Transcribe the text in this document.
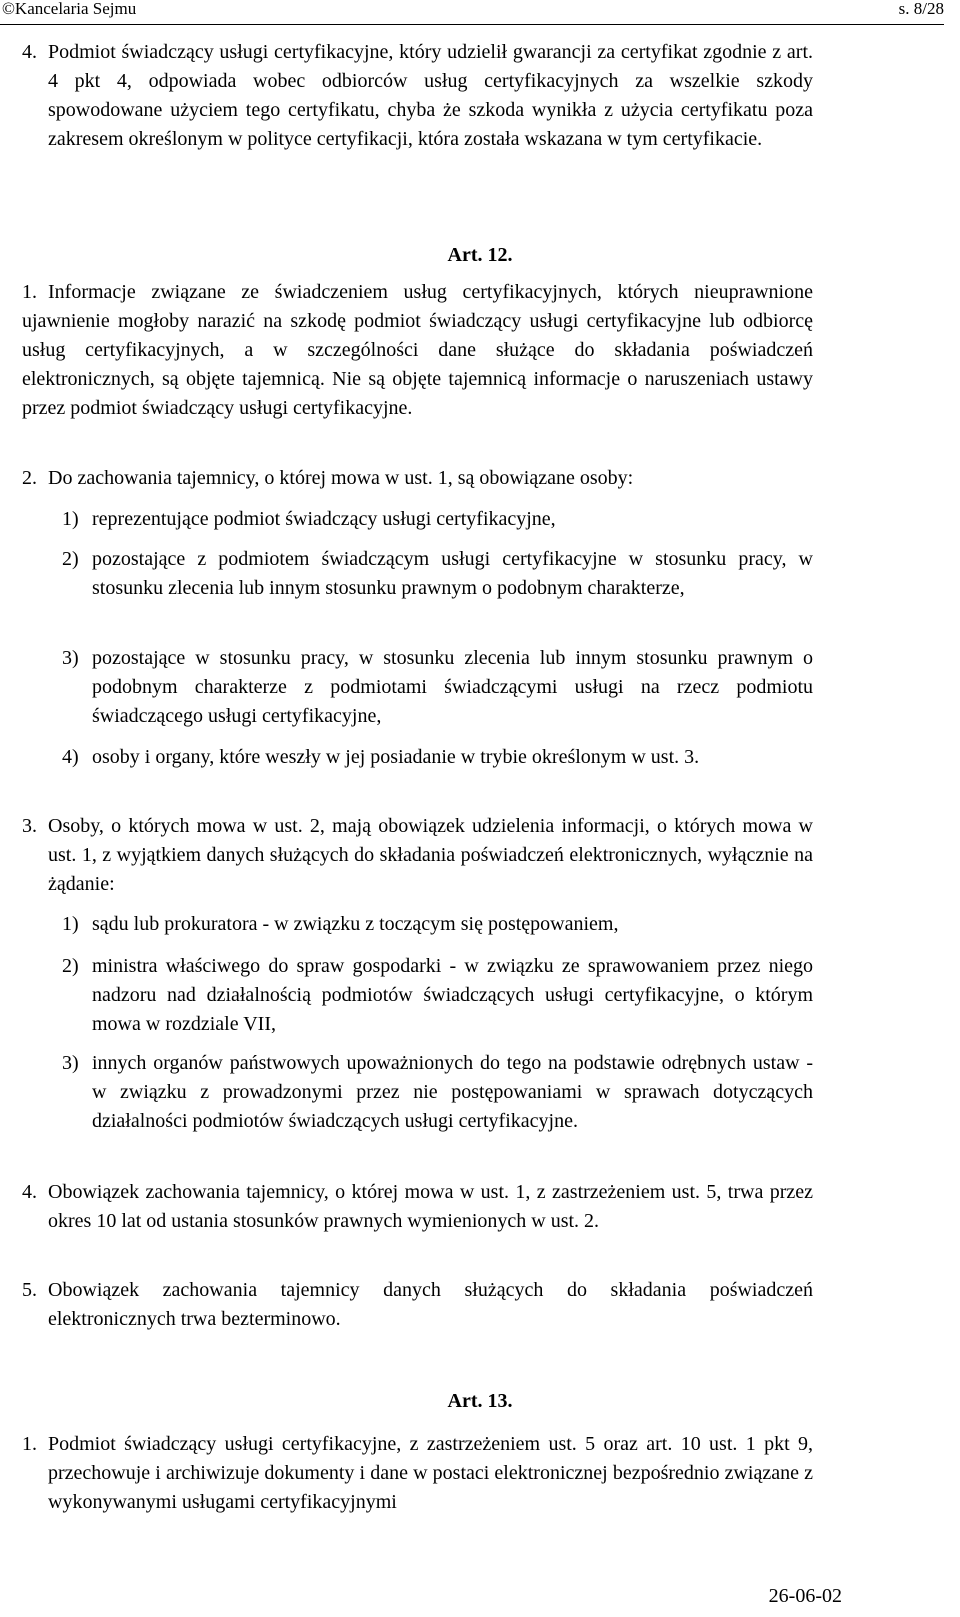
©Kancelaria Sejmu	s. 8/28
4. Podmiot świadczący usługi certyfikacyjne, który udzielił gwarancji za certyfikat zgodnie z art. 4 pkt 4, odpowiada wobec odbiorców usług certyfikacyjnych za wszelkie szkody spowodowane użyciem tego certyfikatu, chyba że szkoda wynikła z użycia certyfikatu poza zakresem określonym w polityce certyfikacji, która została wskazana w tym certyfikacie.
Art. 12.
1. Informacje związane ze świadczeniem usług certyfikacyjnych, których nieuprawnione ujawnienie mogłoby narazić na szkodę podmiot świadczący usługi certyfikacyjne lub odbiorcę usług certyfikacyjnych, a w szczególności dane służące do składania poświadczeń elektronicznych, są objęte tajemnicą. Nie są objęte tajemnicą informacje o naruszeniach ustawy przez podmiot świadczący usługi certyfikacyjne.
2. Do zachowania tajemnicy, o której mowa w ust. 1, są obowiązane osoby:
1) reprezentujące podmiot świadczący usługi certyfikacyjne,
2) pozostające z podmiotem świadczącym usługi certyfikacyjne w stosunku pracy, w stosunku zlecenia lub innym stosunku prawnym o podobnym charakterze,
3) pozostające w stosunku pracy, w stosunku zlecenia lub innym stosunku prawnym o podobnym charakterze z podmiotami świadczącymi usługi na rzecz podmiotu świadczącego usługi certyfikacyjne,
4) osoby i organy, które weszły w jej posiadanie w trybie określonym w ust. 3.
3. Osoby, o których mowa w ust. 2, mają obowiązek udzielenia informacji, o których mowa w ust. 1, z wyjątkiem danych służących do składania poświadczeń elektronicznych, wyłącznie na żądanie:
1) sądu lub prokuratora - w związku z toczącym się postępowaniem,
2) ministra właściwego do spraw gospodarki - w związku ze sprawowaniem przez niego nadzoru nad działalnością podmiotów świadczących usługi certyfikacyjne, o którym mowa w rozdziale VII,
3) innych organów państwowych upoważnionych do tego na podstawie odrębnych ustaw - w związku z prowadzonymi przez nie postępowaniami w sprawach dotyczących działalności podmiotów świadczących usługi certyfikacyjne.
4. Obowiązek zachowania tajemnicy, o której mowa w ust. 1, z zastrzeżeniem ust. 5, trwa przez okres 10 lat od ustania stosunków prawnych wymienionych w ust. 2.
5. Obowiązek zachowania tajemnicy danych służących do składania poświadczeń elektronicznych trwa bezterminowo.
Art. 13.
1. Podmiot świadczący usługi certyfikacyjne, z zastrzeżeniem ust. 5 oraz art. 10 ust. 1 pkt 9, przechowuje i archiwizuje dokumenty i dane w postaci elektronicznej bezpośrednio związane z wykonywanymi usługami certyfikacyjnymi
26-06-02
